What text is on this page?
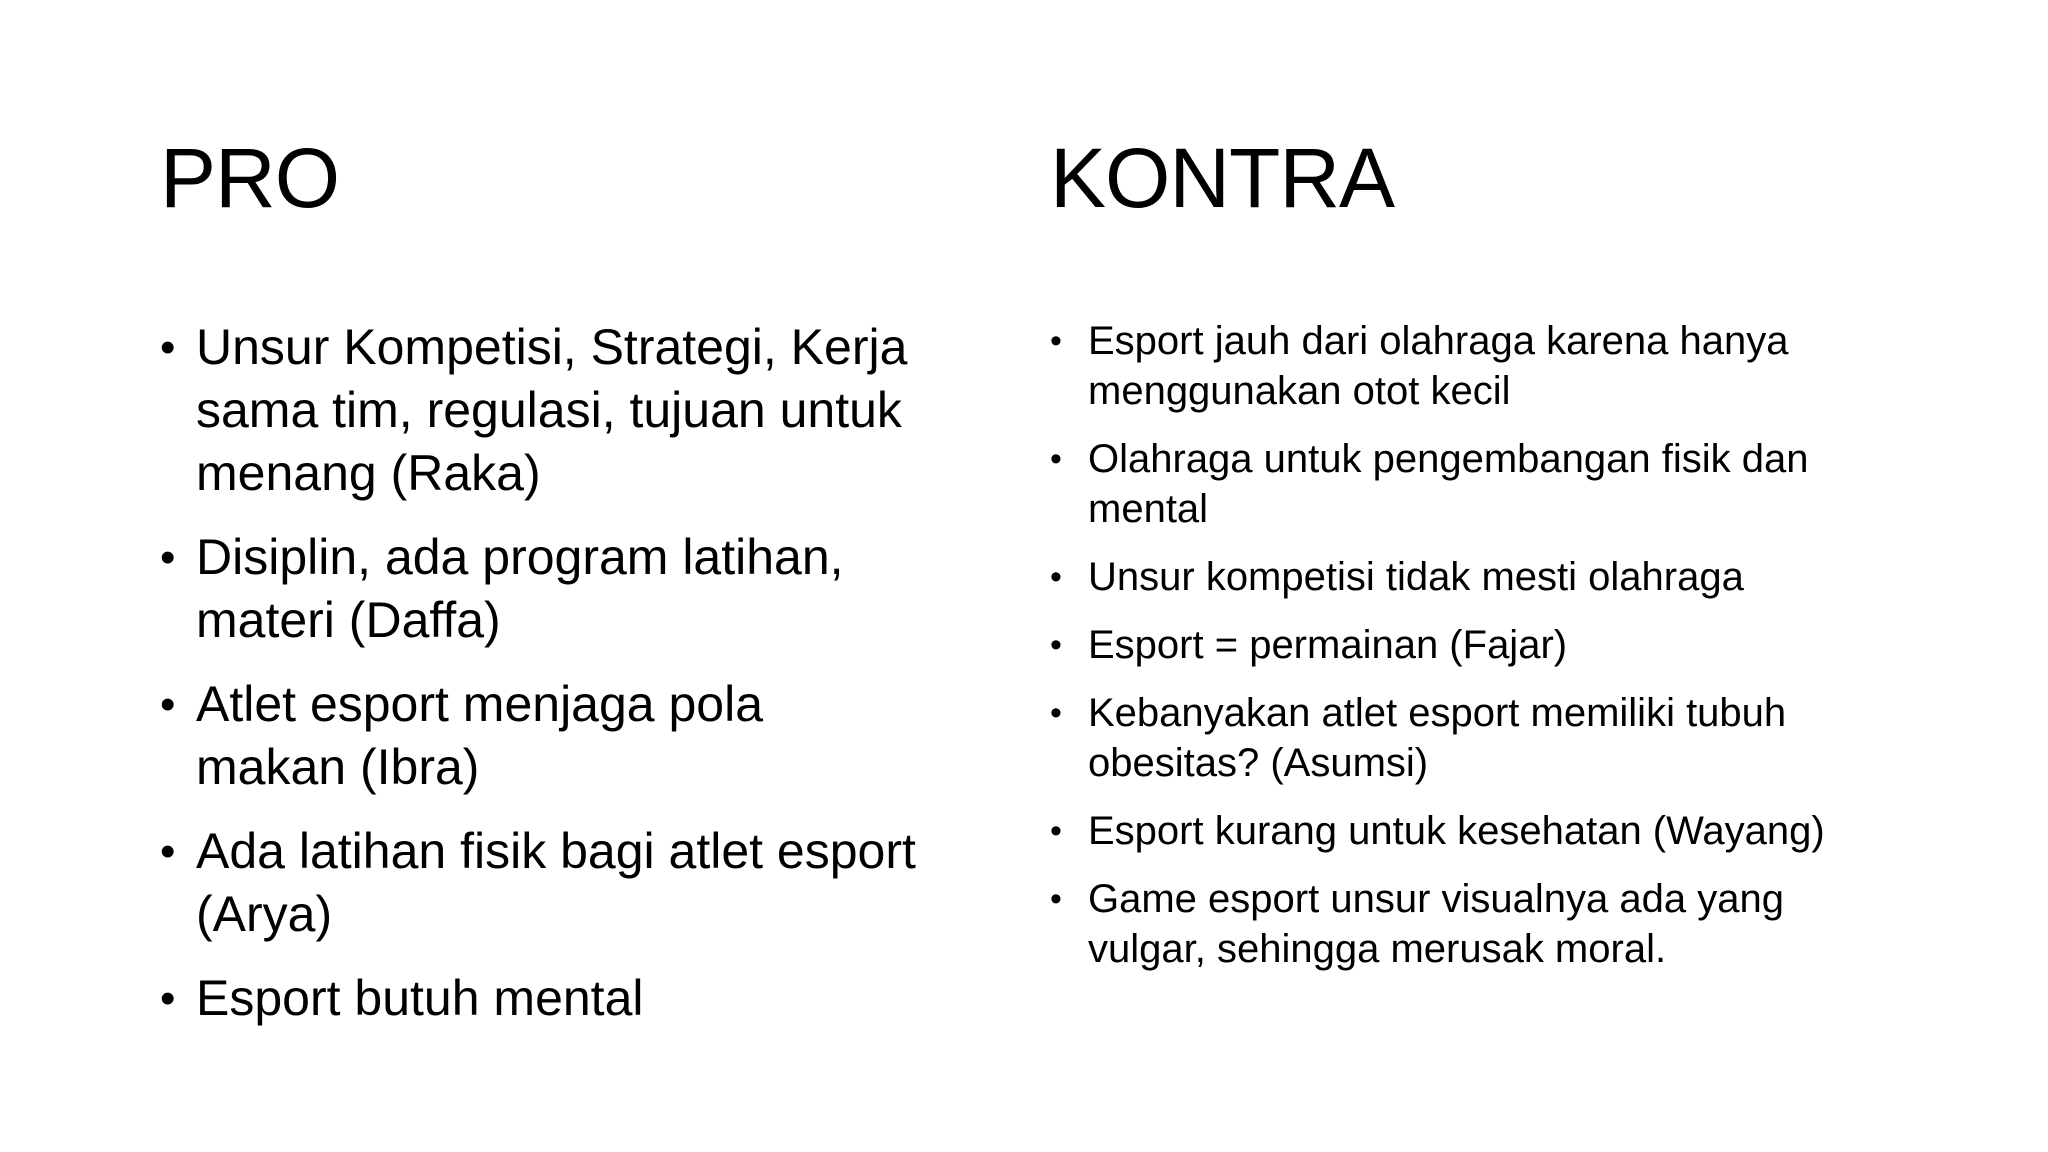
PRO
• Unsur Kompetisi, Strategi, Kerja sama tim, regulasi, tujuan untuk menang (Raka)
• Disiplin, ada program latihan, materi (Daffa)
• Atlet esport menjaga pola makan (Ibra)
• Ada latihan fisik bagi atlet esport (Arya)
• Esport butuh mental
KONTRA
• Esport jauh dari olahraga karena hanya menggunakan otot kecil
• Olahraga untuk pengembangan fisik dan mental
• Unsur kompetisi tidak mesti olahraga
• Esport = permainan (Fajar)
• Kebanyakan atlet esport memiliki tubuh obesitas? (Asumsi)
• Esport kurang untuk kesehatan (Wayang)
• Game esport unsur visualnya ada yang vulgar, sehingga merusak moral.
